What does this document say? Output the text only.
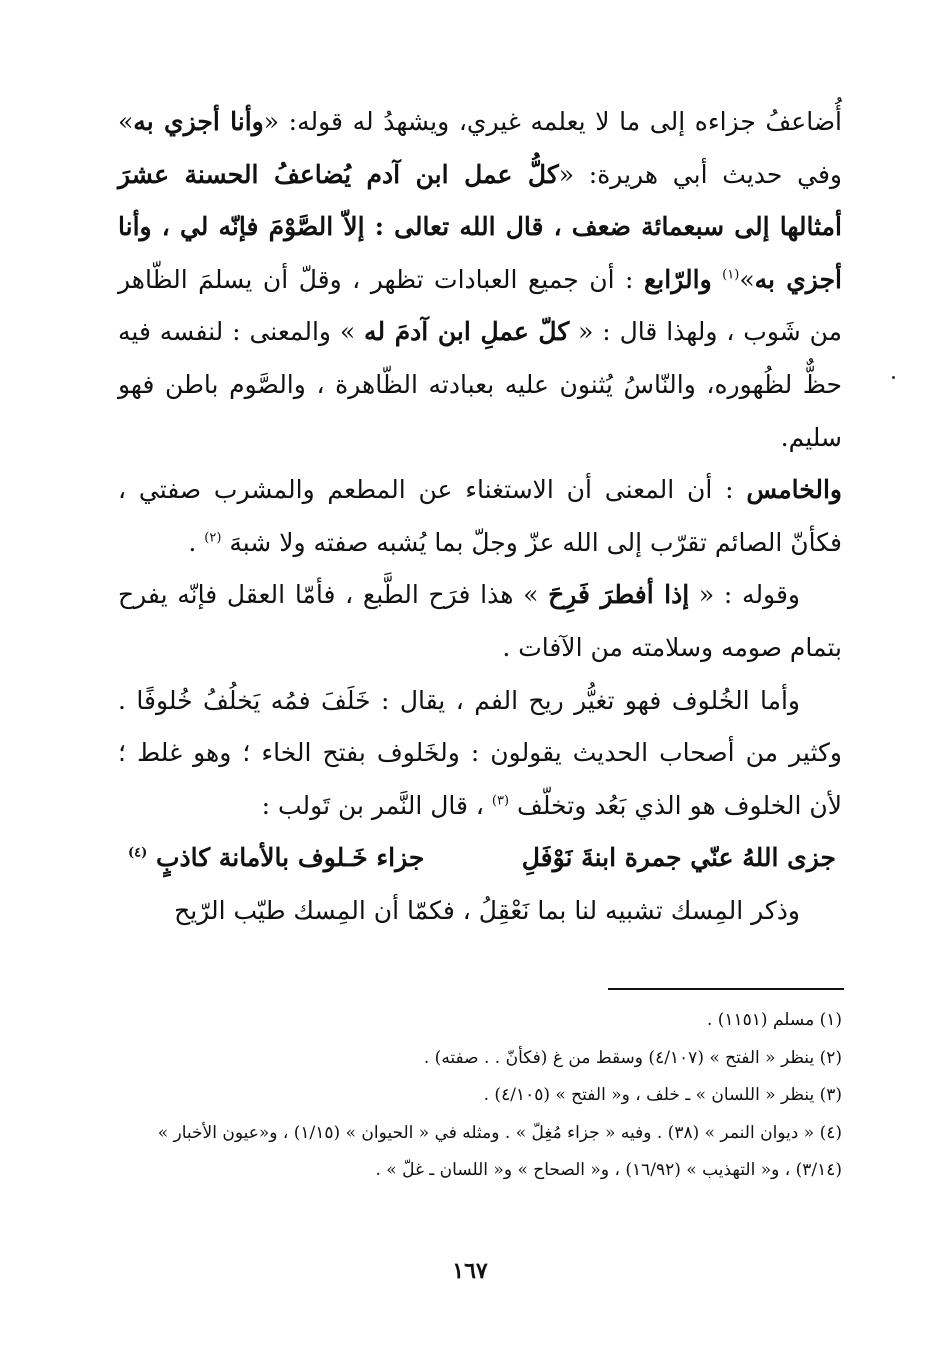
أُضاعفُ جزاءه إلى ما لا يعلمه غيري، ويشهدُ له قوله: «وأنا أجزي به» وفي حديث أبي هريرة: «كلُّ عمل ابن آدم يُضاعفُ الحسنة عشرَ أمثالها إلى سبعمائة ضعف ، قال الله تعالى : إلاّ الصَّوْمَ فإنّه لي ، وأنا أجزي به»$^{(١)}$ والرّابع : أن جميع العبادات تظهر ، وقلّ أن يسلمَ الظّاهر من شَوب ، ولهذا قال : « كلّ عملِ ابن آدمَ له » والمعنى : لنفسه فيه حظٌّ لظُهوره، والنّاسُ يُثنون عليه بعبادته الظّاهرة ، والصَّوم باطن فهو سليم.

والخامس : أن المعنى أن الاستغناء عن المطعم والمشرب صفتي ، فكأنّ الصائم تقرّب إلى الله عزّ وجلّ بما يُشبه صفته ولا شبهَ $^{(٢)}$ .

وقوله : « إذا أفطرَ فَرِحَ » هذا فرَح الطَّبع ، فأمّا العقل فإنّه يفرح بتمام صومه وسلامته من الآفات .

وأما الخُلوف فهو تغيُّر ريح الفم ، يقال : خَلَفَ فمُه يَخلُفُ خُلوفًا . وكثير من أصحاب الحديث يقولون : ولخَلوف بفتح الخاء ؛ وهو غلط ؛ لأن الخلوف هو الذي بَعُد وتخلّف $^{(٣)}$ ، قال النَّمر بن تَولب :

جزى اللهُ عنّي جمرة ابنةَ نَوْفَلِ
جزاء خَـلوف بالأمانة كاذبٍ $^{(٤)}$

وذكر المِسك تشبيه لنا بما نَعْقِلُ ، فكمّا أن المِسك طيّب الرّيح

(١) مسلم (١١٥١) .

(٢) ينظر « الفتح » (٤/١٠٧) وسقط من غ (فكأنّ . . صفته) .

(٣) ينظر « اللسان » ـ خلف ، و« الفتح » (٤/١٠٥) .

(٤) « ديوان النمر » (٣٨) . وفيه « جزاء مُغِلّ » . ومثله في « الحيوان » (١/١٥) ، و«عيون الأخبار » (٣/١٤) ، و« التهذيب » (١٦/٩٢) ، و« الصحاح » و« اللسان ـ غلّ » .

١٦٧
